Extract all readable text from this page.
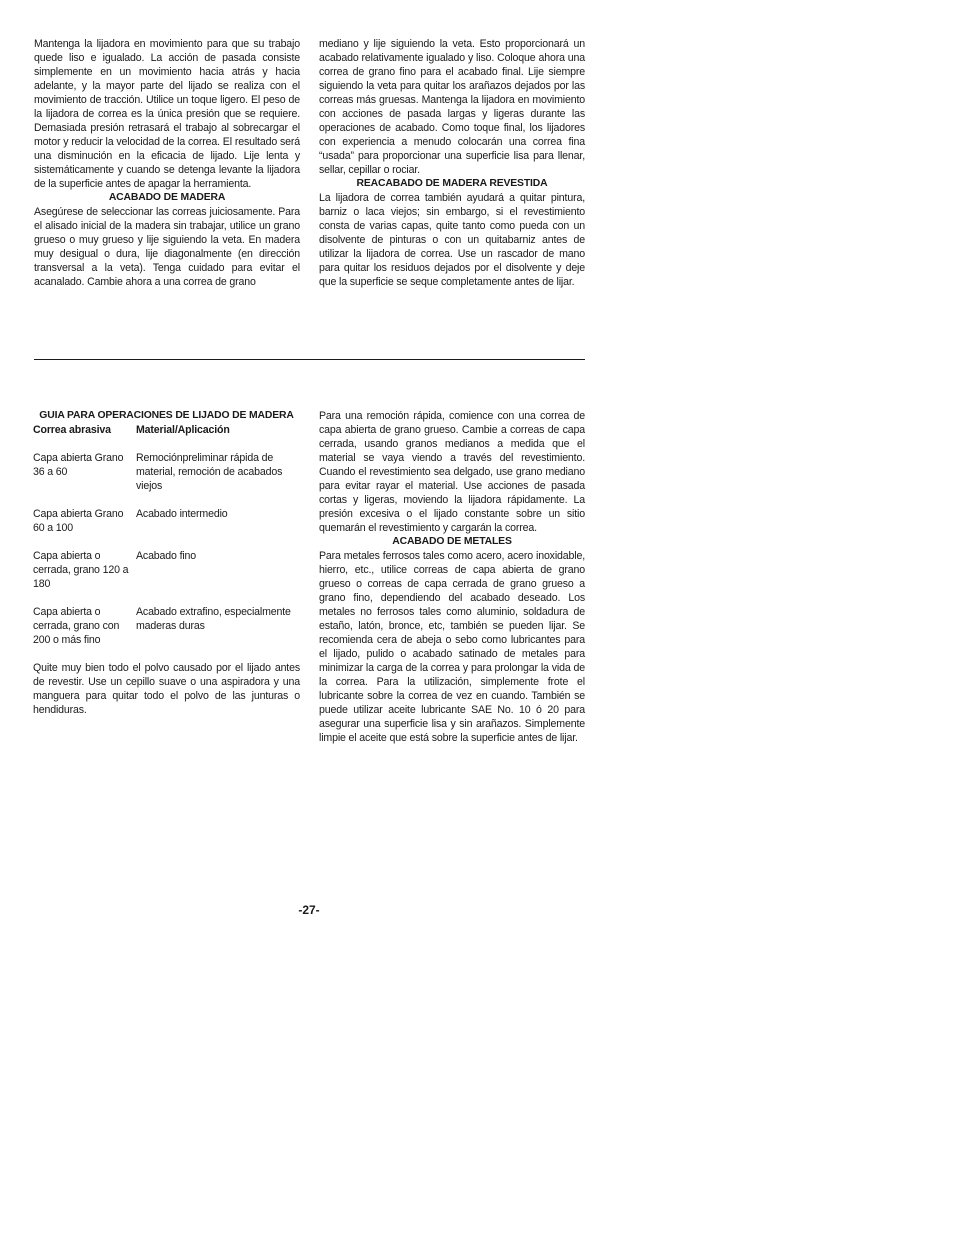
Mantenga la lijadora en movimiento para que su trabajo quede liso e igualado. La acción de pasada consiste simplemente en un movimiento hacia atrás y hacia adelante, y la mayor parte del lijado se realiza con el movimiento de tracción. Utilice un toque ligero. El peso de la lijadora de correa es la única presión que se requiere. Demasiada presión retrasará el trabajo al sobrecargar el motor y reducir la velocidad de la correa. El resultado será una disminución en la eficacia de lijado. Lije lenta y sistemáticamente y cuando se detenga levante la lijadora de la superficie antes de apagar la herramienta.

ACABADO DE MADERA

Asegúrese de seleccionar las correas juiciosamente. Para el alisado inicial de la madera sin trabajar, utilice un grano grueso o muy grueso y lije siguiendo la veta. En madera muy desigual o dura, lije diagonalmente (en dirección transversal a la veta). Tenga cuidado para evitar el acanalado. Cambie ahora a una correa de grano

mediano y lije siguiendo la veta. Esto proporcionará un acabado relativamente igualado y liso. Coloque ahora una correa de grano fino para el acabado final. Lije siempre siguiendo la veta para quitar los arañazos dejados por las correas más gruesas. Mantenga la lijadora en movimiento con acciones de pasada largas y ligeras durante las operaciones de acabado. Como toque final, los lijadores con experiencia a menudo colocarán una correa fina “usada” para proporcionar una superficie lisa para llenar, sellar, cepillar o rociar.

REACABADO DE MADERA REVESTIDA

La lijadora de correa también ayudará a quitar pintura, barniz o laca viejos; sin embargo, si el revestimiento consta de varias capas, quite tanto como pueda con un disolvente de pinturas o con un quitabarniz antes de utilizar la lijadora de correa. Use un rascador de mano para quitar los residuos dejados por el disolvente y deje que la superficie se seque completamente antes de lijar.

GUIA PARA OPERACIONES DE LIJADO DE MADERA

Correa abrasiva	Material/Aplicación
Capa abierta Grano 36 a 60	Remociónpreliminar rápida de material, remoción de acabados viejos
Capa abierta Grano 60 a 100	Acabado intermedio
Capa abierta o cerrada, grano 120 a 180	Acabado fino
Capa abierta o cerrada, grano con 200 o más fino	Acabado extrafino, especialmente maderas duras

Quite muy bien todo el polvo causado por el lijado antes de revestir. Use un cepillo suave o una aspiradora y una manguera para quitar todo el polvo de las junturas o hendiduras.

Para una remoción rápida, comience con una correa de capa abierta de grano grueso. Cambie a correas de capa cerrada, usando granos medianos a medida que el material se vaya viendo a través del revestimiento. Cuando el revestimiento sea delgado, use grano mediano para evitar rayar el material. Use acciones de pasada cortas y ligeras, moviendo la lijadora rápidamente. La presión excesiva o el lijado constante sobre un sitio quemarán el revestimiento y cargarán la correa.

ACABADO DE METALES

Para metales ferrosos tales como acero, acero inoxidable, hierro, etc., utilice correas de capa abierta de grano grueso o correas de capa cerrada de grano grueso a grano fino, dependiendo del acabado deseado. Los metales no ferrosos tales como aluminio, soldadura de estaño, latón, bronce, etc, también se pueden lijar. Se recomienda cera de abeja o sebo como lubricantes para el lijado, pulido o acabado satinado de metales para minimizar la carga de la correa y para prolongar la vida de la correa. Para la utilización, simplemente frote el lubricante sobre la correa de vez en cuando. También se puede utilizar aceite lubricante SAE No. 10 ó 20 para asegurar una superficie lisa y sin arañazos. Simplemente limpie el aceite que está sobre la superficie antes de lijar.

-27-
